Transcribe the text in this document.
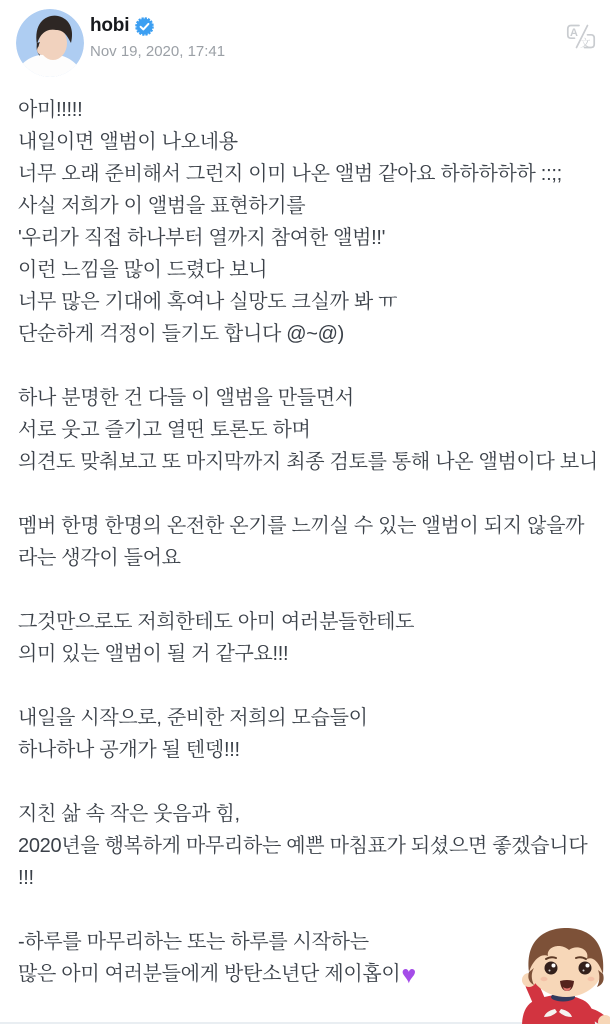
hobi
Nov 19, 2020, 17:41
A
文
아미!!!!!
내일이면 앨범이 나오네용
너무 오래 준비해서 그런지 이미 나온 앨범 같아요 하하하하하 ::;;
사실 저희가 이 앨범을 표현하기를
'우리가 직접 하나부터 열까지 참여한 앨범!!'
이런 느낌을 많이 드렸다 보니
너무 많은 기대에 혹여나 실망도 크실까 봐 ㅠ
단순하게 걱정이 들기도 합니다 @~@)
하나 분명한 건 다들 이 앨범을 만들면서
서로 웃고 즐기고 열띤 토론도 하며
의견도 맞춰보고 또 마지막까지 최종 검토를 통해 나온 앨범이다 보니
멤버 한명 한명의 온전한 온기를 느끼실 수 있는 앨범이 되지 않을까 라는 생각이 들어요
그것만으로도 저희한테도 아미 여러분들한테도
의미 있는 앨범이 될 거 같구요!!!
내일을 시작으로, 준비한 저희의 모습들이
하나하나 공개가 될 텐뎅!!!
지친 삶 속 작은 웃음과 힘,
2020년을 행복하게 마무리하는 예쁜 마침표가 되셨으면 좋겠습니다 !!!
-하루를 마무리하는 또는 하루를 시작하는
많은 아미 여러분들에게 방탄소년단 제이홉이♥
